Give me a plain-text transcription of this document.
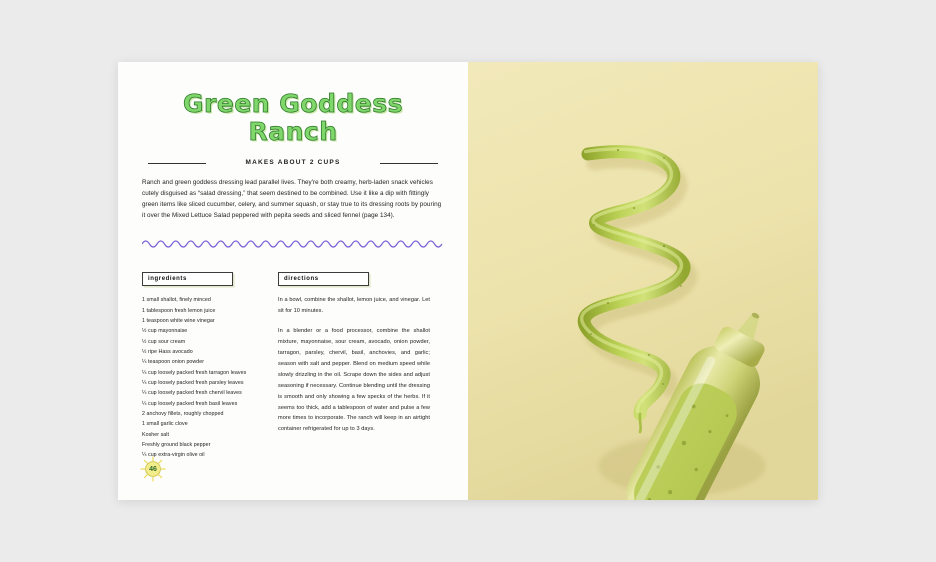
Green Goddess Ranch
MAKES ABOUT 2 CUPS

Ranch and green goddess dressing lead parallel lives. They're both creamy, herb-laden snack vehicles cutely disguised as “salad dressing,” that seem destined to be combined. Use it like a dip with fittingly green items like sliced cucumber, celery, and summer squash, or stay true to its dressing roots by pouring it over the Mixed Lettuce Salad peppered with pepita seeds and sliced fennel (page 134).

ingredients
1 small shallot, finely minced
1 tablespoon fresh lemon juice
1 teaspoon white wine vinegar
½ cup mayonnaise
½ cup sour cream
½ ripe Hass avocado
¼ teaspoon onion powder
¼ cup loosely packed fresh tarragon leaves
¼ cup loosely packed fresh parsley leaves
¼ cup loosely packed fresh chervil leaves
¼ cup loosely packed fresh basil leaves
2 anchovy fillets, roughly chopped
1 small garlic clove
Kosher salt
Freshly ground black pepper
¼ cup extra-virgin olive oil
directions

In a bowl, combine the shallot, lemon juice, and vinegar. Let sit for 10 minutes.

In a blender or a food processor, combine the shallot mixture, mayonnaise, sour cream, avocado, onion powder, tarragon, parsley, chervil, basil, anchovies, and garlic; season with salt and pepper. Blend on medium speed while slowly drizzling in the oil. Scrape down the sides and adjust seasoning if necessary. Continue blending until the dressing is smooth and only showing a few specks of the herbs. If it seems too thick, add a tablespoon of water and pulse a few more times to incorporate. The ranch will keep in an airtight container refrigerated for up to 3 days.

46
